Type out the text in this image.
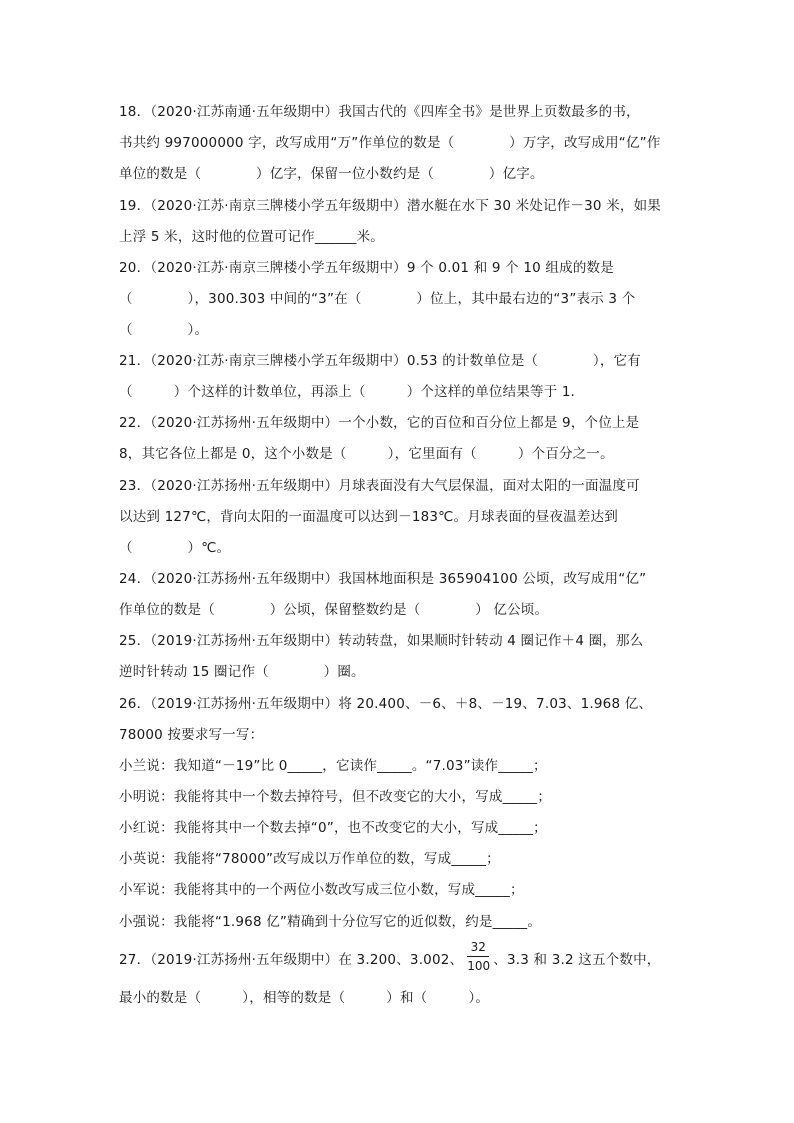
18．（2020·江苏南通·五年级期中）我国古代的《四库全书》是世界上页数最多的书，
书共约 997000000 字，改写成用“万”作单位的数是（　　　　）万字，改写成用“亿”作
单位的数是（　　　　）亿字，保留一位小数约是（　　　　）亿字。
19．（2020·江苏·南京三牌楼小学五年级期中）潜水艇在水下 30 米处记作－30 米，如果
上浮 5 米，这时他的位置可记作______米。
20．（2020·江苏·南京三牌楼小学五年级期中）9 个 0.01 和 9 个 10 组成的数是
（　　　　），300.303 中间的“3”在（　　　　）位上，其中最右边的“3”表示 3 个
（　　　　）。
21．（2020·江苏·南京三牌楼小学五年级期中）0.53 的计数单位是（　　　　），它有
（　　　）个这样的计数单位，再添上（　　　）个这样的单位结果等于 1．
22．（2020·江苏扬州·五年级期中）一个小数，它的百位和百分位上都是 9，个位上是
8，其它各位上都是 0，这个小数是（　　　），它里面有（　　　）个百分之一。
23．（2020·江苏扬州·五年级期中）月球表面没有大气层保温，面对太阳的一面温度可
以达到 127℃，背向太阳的一面温度可以达到－183℃。月球表面的昼夜温差达到
（　　　　）℃。
24．（2020·江苏扬州·五年级期中）我国林地面积是 365904100 公顷，改写成用“亿”
作单位的数是（　　　　）公顷，保留整数约是（　　　　） 亿公顷。
25．（2019·江苏扬州·五年级期中）转动转盘，如果顺时针转动 4 圈记作＋4 圈，那么
逆时针转动 15 圈记作（　　　　）圈。
26．（2019·江苏扬州·五年级期中）将 20.400、－6、＋8、－19、7.03、1.968 亿、
78000 按要求写一写：
小兰说：我知道“－19”比 0_____，它读作_____。“7.03”读作_____；
小明说：我能将其中一个数去掉符号，但不改变它的大小，写成_____；
小红说：我能将其中一个数去掉“0”，也不改变它的大小，写成_____；
小英说：我能将“78000”改写成以万作单位的数，写成_____；
小军说：我能将其中的一个两位小数改写成三位小数，写成_____；
小强说：我能将“1.968 亿”精确到十分位写它的近似数，约是_____。
27．（2019·江苏扬州·五年级期中）在 3.200、3.002、 、3.3 和 3.2 这五个数中，
32
100
最小的数是（　　　），相等的数是（　　　）和（　　　）。
